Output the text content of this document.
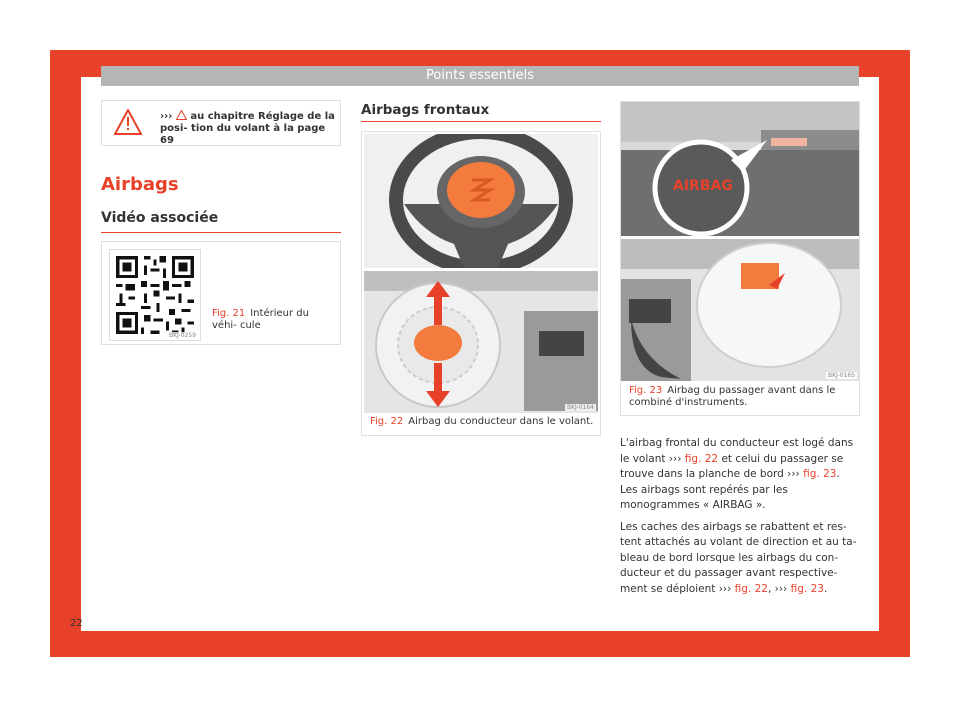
Points essentiels
››› au chapitre Réglage de la posi- tion du volant à la page 69
Airbags
Vidéo associée
BKJ-0259
Fig. 21 Intérieur du véhi- cule
Airbags frontaux
BKJ-0164
Fig. 22 Airbag du conducteur dans le volant.
AIRBAG
BKJ-0165
Fig. 23 Airbag du passager avant dans le combiné d'instruments.

L'airbag frontal du conducteur est logé dans le volant ››› fig. 22 et celui du passager se trouve dans la planche de bord ››› fig. 23. Les airbags sont repérés par les monogrammes « AIRBAG ».

Les caches des airbags se rabattent et res- tent attachés au volant de direction et au ta- bleau de bord lorsque les airbags du con- ducteur et du passager avant respective- ment se déploient ››› fig. 22, ››› fig. 23.

22
